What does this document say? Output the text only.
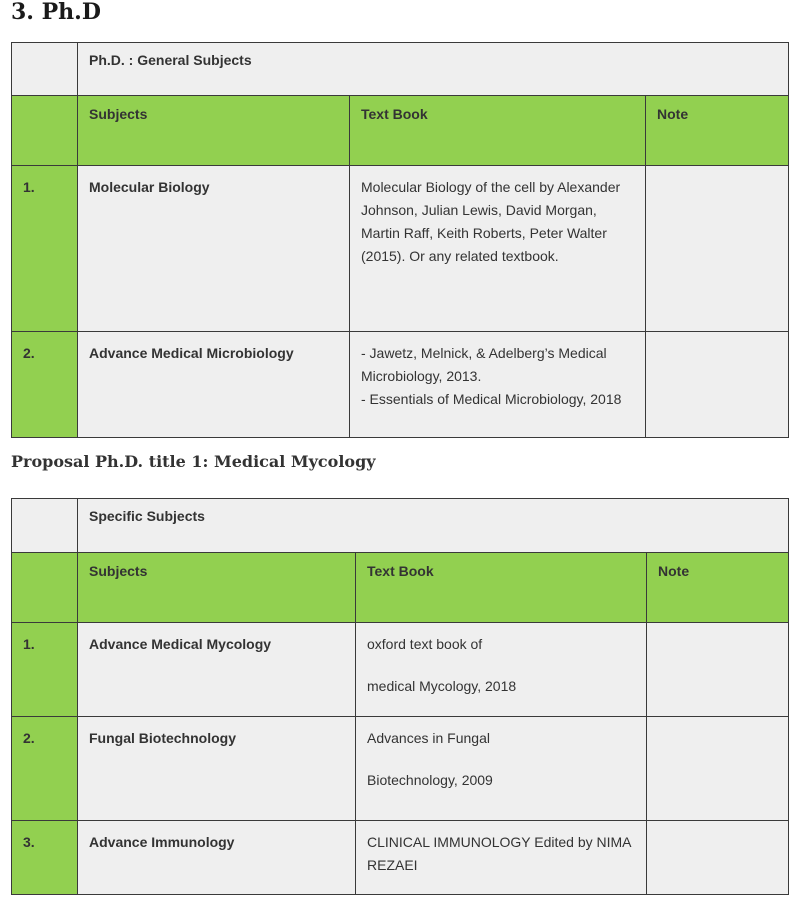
3. Ph.D
	Ph.D. : General Subjects		
	Subjects	Text Book	Note
1.	Molecular Biology	Molecular Biology of the cell by Alexander Johnson, Julian Lewis, David Morgan, Martin Raff, Keith Roberts, Peter Walter (2015). Or any related textbook.	

2.	Advance Medical Microbiology	- Jawetz, Melnick, & Adelberg’s Medical Microbiology, 2013.

- Essentials of Medical Microbiology, 2018	

Proposal Ph.D. title 1: Medical Mycology
	Specific Subjects		
	Subjects	Text Book	Note
1.	Advance Medical Mycology	oxford text book of

medical Mycology, 2018	

2.	Fungal Biotechnology	Advances in Fungal

Biotechnology, 2009	

3.	Advance Immunology	CLINICAL IMMUNOLOGY Edited by NIMA REZAEI	
